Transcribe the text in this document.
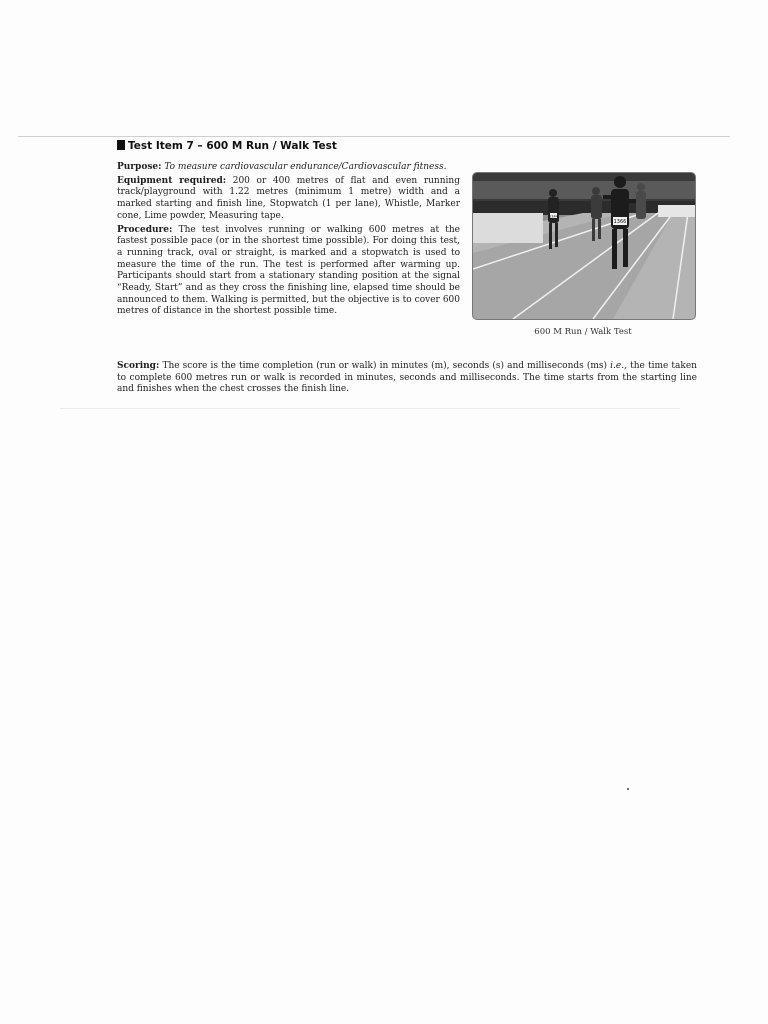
Test Item 7 – 600 M Run / Walk Test

Purpose: To measure cardiovascular endurance/Cardiovascular fitness.

Equipment required: 200 or 400 metres of flat and even running track/playground with 1.22 metres (minimum 1 metre) width and a marked starting and finish line, Stopwatch (1 per lane), Whistle, Marker cone, Lime powder, Measuring tape.

Procedure: The test involves running or walking 600 metres at the fastest possible pace (or in the shortest time possible). For doing this test, a running track, oval or straight, is marked and a stopwatch is used to measure the time of the run. The test is performed after warming up. Participants should start from a stationary standing position at the signal “Ready, Start” and as they cross the finishing line, elapsed time should be announced to them. Walking is permitted, but the objective is to cover 600 metres of distance in the shortest possible time.

1344
1366
600 M Run / Walk Test
Scoring: The score is the time completion (run or walk) in minutes (m), seconds (s) and milliseconds (ms) i.e., the time taken to complete 600 metres run or walk is recorded in minutes, seconds and milliseconds. The time starts from the starting line and finishes when the chest crosses the finish line.
